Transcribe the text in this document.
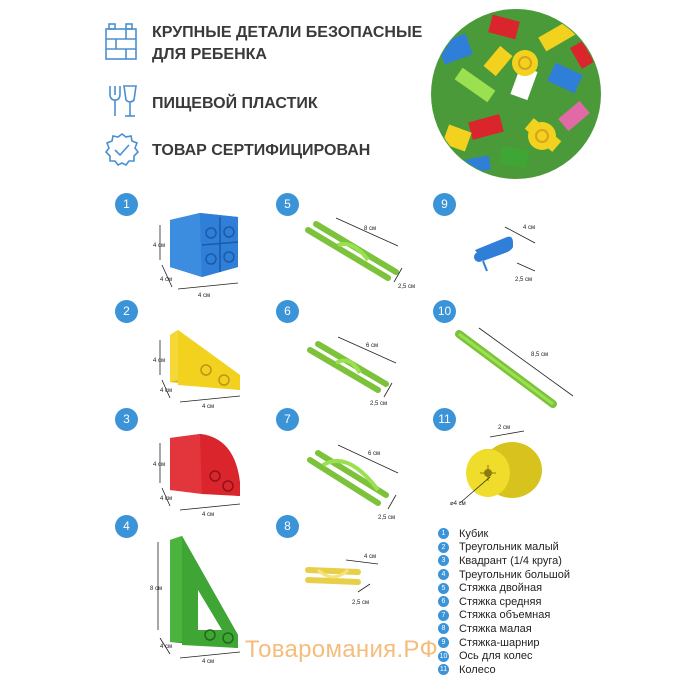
КРУПНЫЕ ДЕТАЛИ БЕЗОПАСНЫЕ
ДЛЯ РЕБЕНКА
ПИЩЕВОЙ ПЛАСТИК
ТОВАР СЕРТИФИЦИРОВАН
1
2
3
4
5
6
7
8
9
10
11
4 см
4 см
4 см
4 см
4 см
4 см
4 см
4 см
4 см
8 см
4 см
4 см
8 см
2,5 см
6 см
2,5 см
6 см
2,5 см
4 см
2,5 см
4 см
2,5 см
8,5 см
2 см
⌀4 см
1	Кубик
2	Треугольник малый
3	Квадрант (1/4 круга)
4	Треугольник большой
5	Стяжка двойная
6	Стяжка средняя
7	Стяжка объемная
8	Стяжка малая
9	Стяжка-шарнир
10 Ось для колес
11 Колесо
Товаромания.РФ
